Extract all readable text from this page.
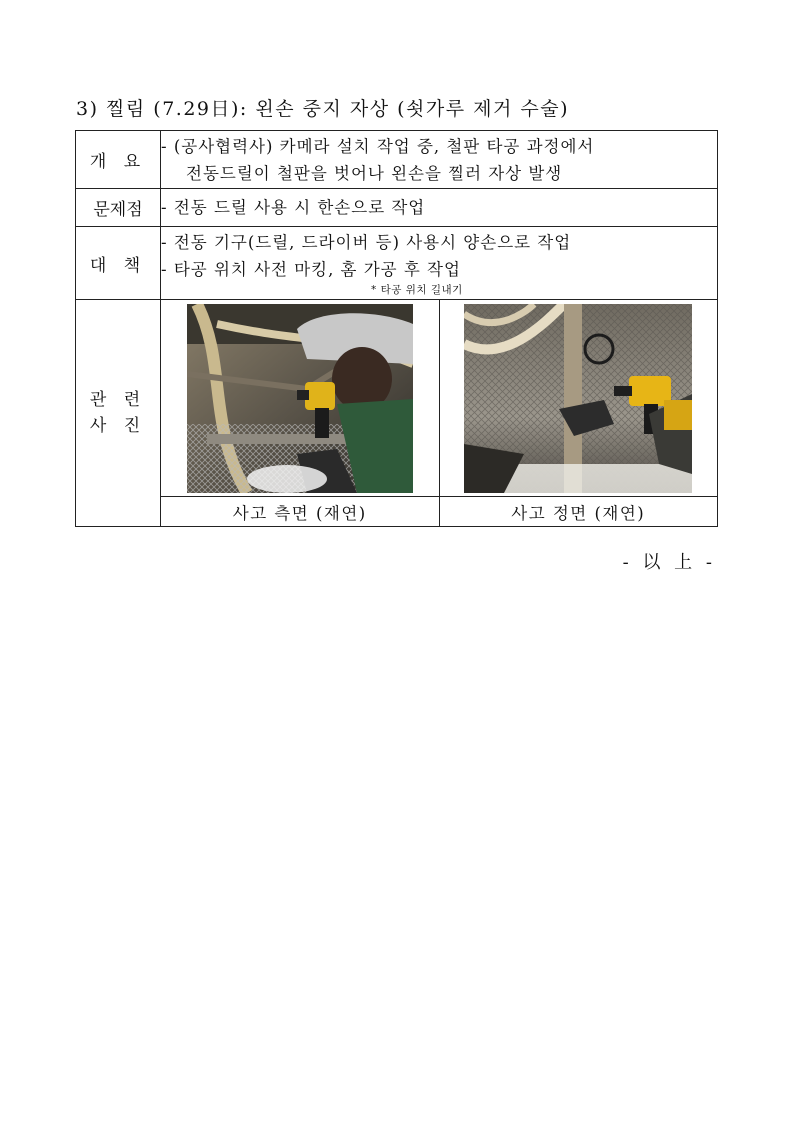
3) 찔림 (7.29日): 왼손 중지 자상 (쇳가루 제거 수술)
개 요	- (공사협력사) 카메라 설치 작업 중, 철판 타공 과정에서
전동드릴이 철판을 벗어나 왼손을 찔러 자상 발생	

문제점	- 전동 드릴 사용 시 한손으로 작업	

대 책	- 전동 기구(드릴, 드라이버 등) 사용시 양손으로 작업
- 타공 위치 사전 마킹, 홈 가공 후 작업
* 타공 위치 길내기	

관 련
사 진

	사고 측면 (재연)	사고 정면 (재연)
- 以 上 -
